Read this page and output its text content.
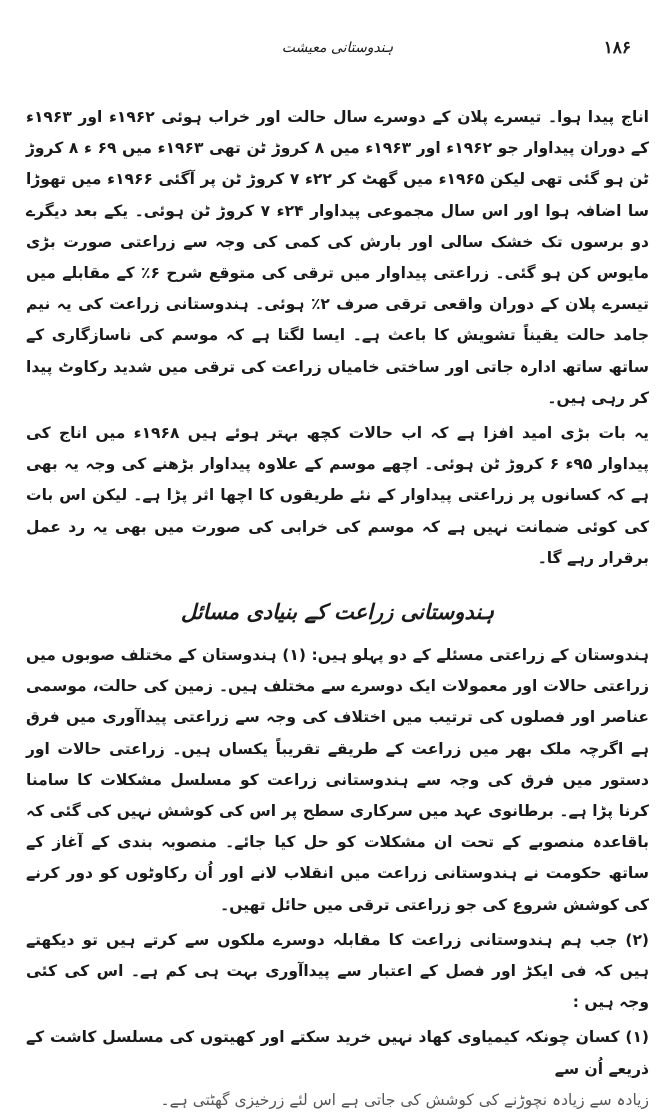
۱۸۶
ہندوستانی معیشت

اناج پیدا ہوا۔ تیسرے پلان کے دوسرے سال حالت اور خراب ہوئی ۱۹۶۲ء اور ۱۹۶۳ء کے دوران پیداوار جو ۱۹۶۲ء اور ۱۹۶۳ء میں ۸ کروڑ ٹن تھی ۱۹۶۳ء میں ۶۹ ء ۸ کروڑ ٹن ہو گئی تھی لیکن ۱۹۶۵ء میں گھٹ کر ۲۲ء ۷ کروڑ ٹن پر آگئی ۱۹۶۶ء میں تھوڑا سا اضافہ ہوا اور اس سال مجموعی پیداوار ۲۴ء ۷ کروڑ ٹن ہوئی۔ یکے بعد دیگرے دو برسوں تک خشک سالی اور بارش کی کمی کی وجہ سے زراعتی صورت بڑی مایوس کن ہو گئی۔ زراعتی پیداوار میں ترقی کی متوقع شرح ۶٪ کے مقابلے میں تیسرے پلان کے دوران واقعی ترقی صرف ۲٪ ہوئی۔ ہندوستانی زراعت کی یہ نیم جامد حالت یقیناً تشویش کا باعث ہے۔ ایسا لگتا ہے کہ موسم کی ناسازگاری کے ساتھ ساتھ ادارہ جاتی اور ساختی خامیاں زراعت کی ترقی میں شدید رکاوٹ پیدا کر رہی ہیں۔

یہ بات بڑی امید افزا ہے کہ اب حالات کچھ بہتر ہوئے ہیں ۱۹۶۸ء میں اناج کی پیداوار ۹۵ء ۶ کروڑ ٹن ہوئی۔ اچھے موسم کے علاوہ پیداوار بڑھنے کی وجہ یہ بھی ہے کہ کسانوں پر زراعتی پیداوار کے نئے طریقوں کا اچھا اثر پڑا ہے۔ لیکن اس بات کی کوئی ضمانت نہیں ہے کہ موسم کی خرابی کی صورت میں بھی یہ رد عمل برقرار رہے گا۔

ہندوستانی زراعت کے بنیادی مسائل

ہندوستان کے زراعتی مسئلے کے دو پہلو ہیں: (۱) ہندوستان کے مختلف صوبوں میں زراعتی حالات اور معمولات ایک دوسرے سے مختلف ہیں۔ زمین کی حالت، موسمی عناصر اور فصلوں کی ترتیب میں اختلاف کی وجہ سے زراعتی پیداآوری میں فرق ہے اگرچہ ملک بھر میں زراعت کے طریقے تقریباً یکساں ہیں۔ زراعتی حالات اور دستور میں فرق کی وجہ سے ہندوستانی زراعت کو مسلسل مشکلات کا سامنا کرنا پڑا ہے۔ برطانوی عہد میں سرکاری سطح پر اس کی کوشش نہیں کی گئی کہ باقاعدہ منصوبے کے تحت ان مشکلات کو حل کیا جائے۔ منصوبہ بندی کے آغاز کے ساتھ حکومت نے ہندوستانی زراعت میں انقلاب لانے اور اُن رکاوٹوں کو دور کرنے کی کوشش شروع کی جو زراعتی ترقی میں حائل تھیں۔

(۲) جب ہم ہندوستانی زراعت کا مقابلہ دوسرے ملکوں سے کرتے ہیں تو دیکھتے ہیں کہ فی ایکڑ اور فصل کے اعتبار سے پیداآوری بہت ہی کم ہے۔ اس کی کئی وجہ ہیں :

(۱) کسان چونکہ کیمیاوی کھاد نہیں خرید سکتے اور کھیتوں کی مسلسل کاشت کے ذریعے اُن سے

زیادہ سے زیادہ نچوڑنے کی کوشش کی جاتی ہے اس لئے زرخیزی گھٹتی ہے۔
